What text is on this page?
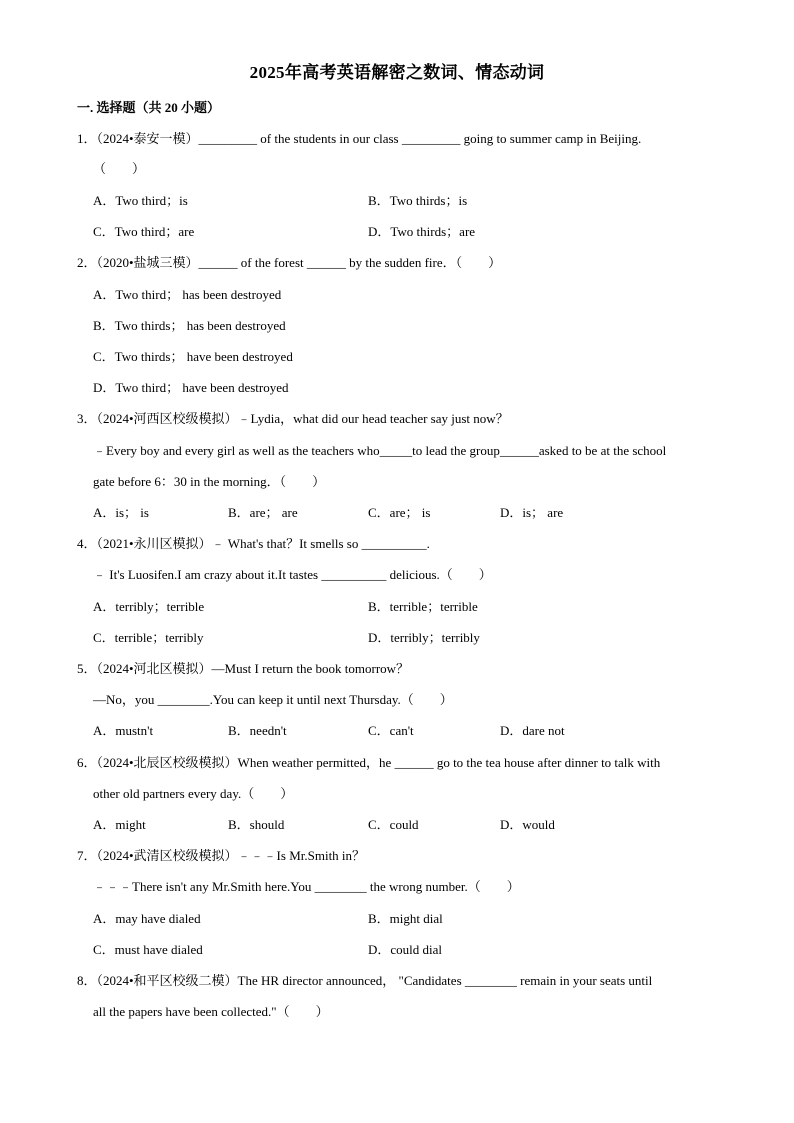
2025年高考英语解密之数词、情态动词
一. 选择题（共 20 小题）
1．（2024•泰安一模）_________ of the students in our class _________ going to summer camp in Beijing.
（　　）
A．Two third；is	B．Two thirds；is
C．Two third；are	D．Two thirds；are
2．（2020•盐城三模）______ of the forest ______ by the sudden fire．（　　）
A．Two third； has been destroyed
B．Two thirds； has been destroyed
C．Two thirds； have been destroyed
D．Two third； have been destroyed
3．（2024•河西区校级模拟）﹣Lydia，what did our head teacher say just now？
﹣Every boy and every girl as well as the teachers who_____to lead the group______asked to be at the school
gate before 6：30 in the morning．（　　）
A．is； is	B．are； are	C．are； is	D．is； are
4．（2021•永川区模拟）﹣ What's that？It smells so __________.
﹣ It's Luosifen.I am crazy about it.It tastes __________ delicious.（　　）
A．terribly；terrible	B．terrible；terrible
C．terrible；terribly	D．terribly；terribly
5．（2024•河北区模拟）—Must I return the book tomorrow？
—No，you ________.You can keep it until next Thursday.（　　）
A．mustn't	B．needn't	C．can't	D．dare not
6．（2024•北辰区校级模拟）When weather permitted，he ______ go to the tea house after dinner to talk with
other old partners every day.（　　）
A．might	B．should	C．could	D．would
7．（2024•武清区校级模拟）﹣﹣﹣Is Mr.Smith in？
﹣﹣﹣There isn't any Mr.Smith here.You ________ the wrong number.（　　）
A．may have dialed	B．might dial
C．must have dialed	D．could dial
8．（2024•和平区校级二模）The HR director announced， "Candidates ________ remain in your seats until
all the papers have been collected."（　　）
